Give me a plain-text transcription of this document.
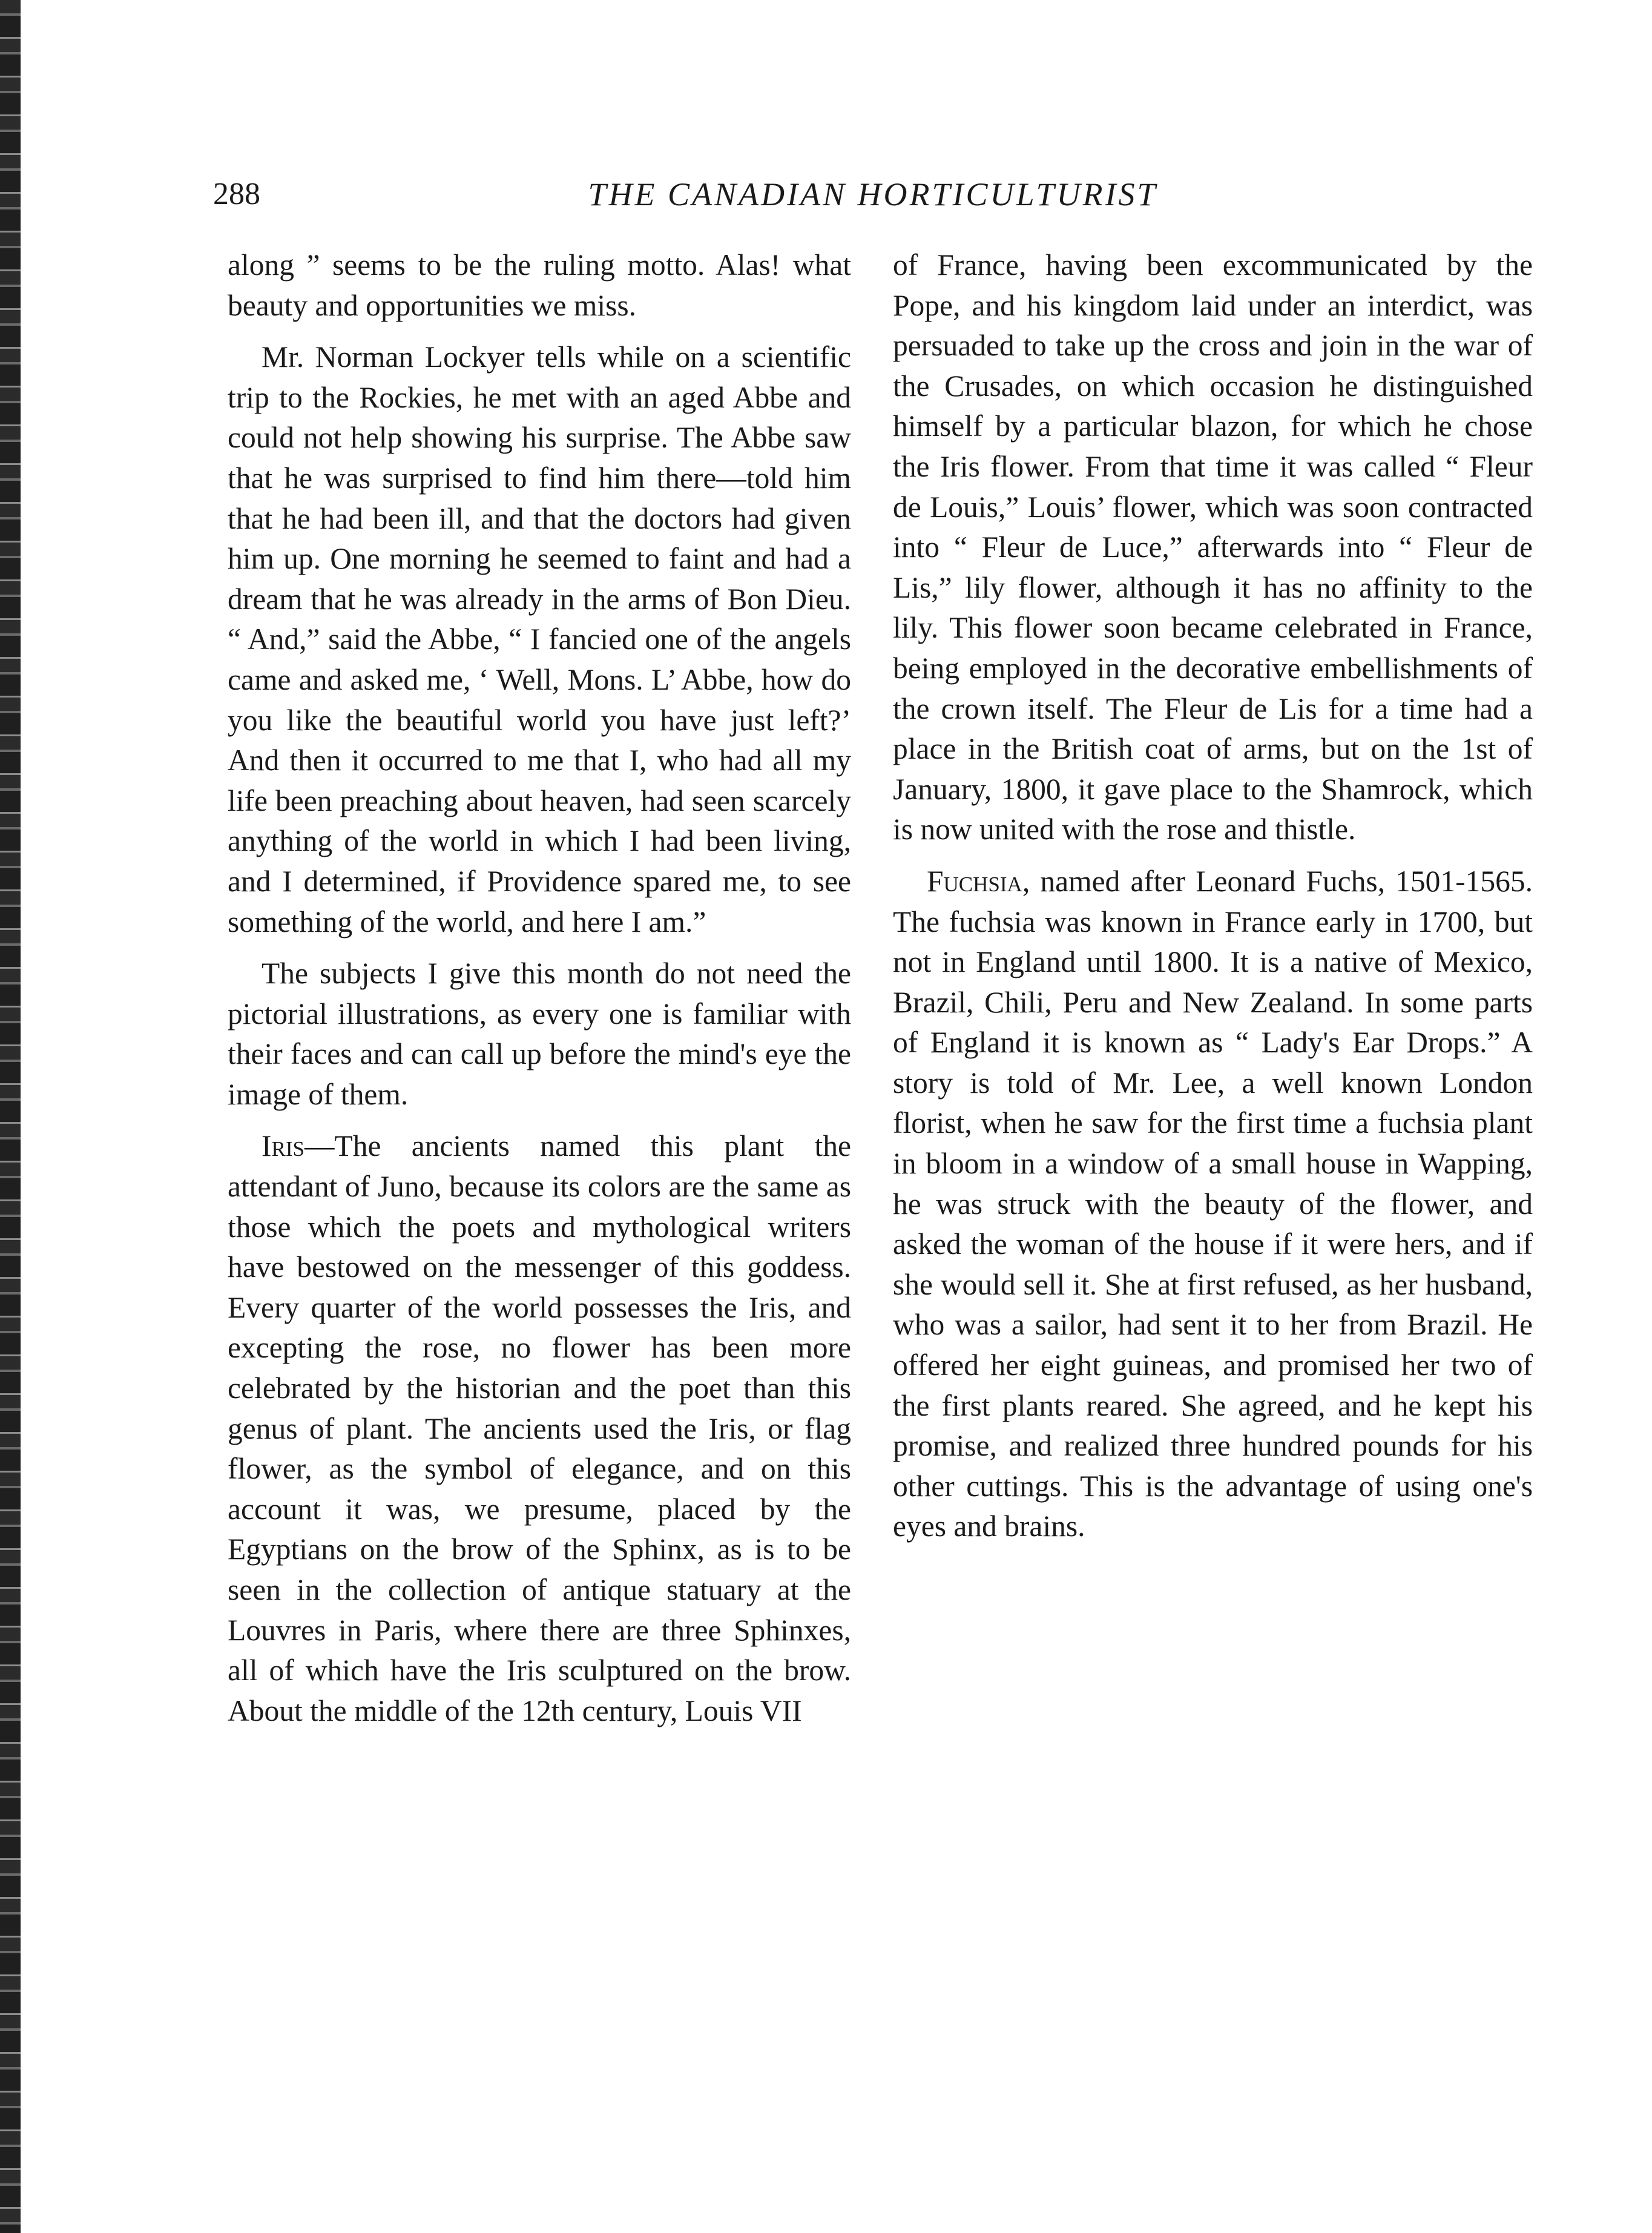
288	THE CANADIAN HORTICULTURIST

along ” seems to be the ruling motto. Alas! what beauty and opportunities we miss.

Mr. Norman Lockyer tells while on a scientific trip to the Rockies, he met with an aged Abbe and could not help showing his surprise. The Abbe saw that he was surprised to find him there—told him that he had been ill, and that the doctors had given him up. One morning he seemed to faint and had a dream that he was already in the arms of Bon Dieu. “ And,” said the Abbe, “ I fancied one of the angels came and asked me, ‘ Well, Mons. L’ Abbe, how do you like the beautiful world you have just left?’ And then it occurred to me that I, who had all my life been preaching about heaven, had seen scarcely anything of the world in which I had been living, and I determined, if Providence spared me, to see something of the world, and here I am.”

The subjects I give this month do not need the pictorial illustrations, as every one is familiar with their faces and can call up before the mind's eye the image of them.

Iris—The ancients named this plant the attendant of Juno, because its colors are the same as those which the poets and mythological writers have bestowed on the messenger of this goddess. Every quarter of the world possesses the Iris, and excepting the rose, no flower has been more celebrated by the historian and the poet than this genus of plant. The ancients used the Iris, or flag flower, as the symbol of elegance, and on this account it was, we presume, placed by the Egyptians on the brow of the Sphinx, as is to be seen in the collection of antique statuary at the Louvres in Paris, where there are three Sphinxes, all of which have the Iris sculptured on the brow. About the middle of the 12th century, Louis VII

of France, having been excommunicated by the Pope, and his kingdom laid under an interdict, was persuaded to take up the cross and join in the war of the Crusades, on which occasion he distinguished himself by a particular blazon, for which he chose the Iris flower. From that time it was called “ Fleur de Louis,” Louis’ flower, which was soon contracted into “ Fleur de Luce,” afterwards into “ Fleur de Lis,” lily flower, although it has no affinity to the lily. This flower soon became celebrated in France, being employed in the decorative embellishments of the crown itself. The Fleur de Lis for a time had a place in the British coat of arms, but on the 1st of January, 1800, it gave place to the Shamrock, which is now united with the rose and thistle.

Fuchsia, named after Leonard Fuchs, 1501-1565. The fuchsia was known in France early in 1700, but not in England until 1800. It is a native of Mexico, Brazil, Chili, Peru and New Zealand. In some parts of England it is known as “ Lady's Ear Drops.” A story is told of Mr. Lee, a well known London florist, when he saw for the first time a fuchsia plant in bloom in a window of a small house in Wapping, he was struck with the beauty of the flower, and asked the woman of the house if it were hers, and if she would sell it. She at first refused, as her husband, who was a sailor, had sent it to her from Brazil. He offered her eight guineas, and promised her two of the first plants reared. She agreed, and he kept his promise, and realized three hundred pounds for his other cuttings. This is the advantage of using one's eyes and brains.
